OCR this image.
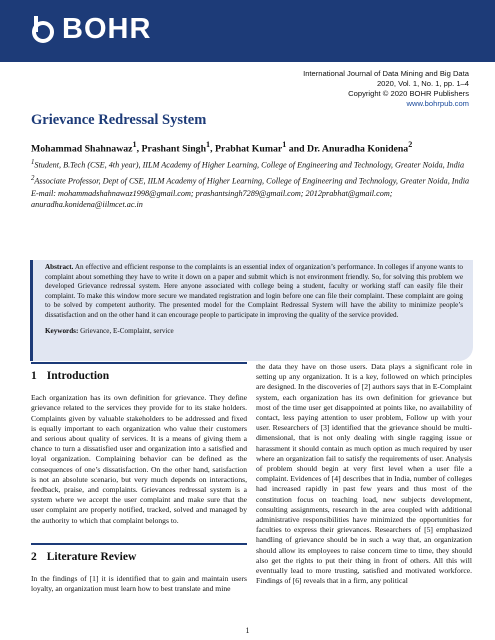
BOHR
International Journal of Data Mining and Big Data
2020, Vol. 1, No. 1, pp. 1–4
Copyright © 2020 BOHR Publishers
www.bohrpub.com
Grievance Redressal System
Mohammad Shahnawaz$^1$, Prashant Singh$^1$, Prabhat Kumar$^1$ and Dr. Anuradha Konidena$^2$

$^1$Student, B.Tech (CSE, 4th year), IILM Academy of Higher Learning, College of Engineering and Technology, Greater Noida, India

$^2$Associate Professor, Dept of CSE, IILM Academy of Higher Learning, College of Engineering and Technology, Greater Noida, India

E-mail: mohammadshahnawaz1998@gmail.com; prashantsingh7289@gmail.com; 2012prabhat@gmail.com; anuradha.konidena@iilmcet.ac.in

Abstract. An effective and efficient response to the complaints is an essential index of organization’s performance. In colleges if anyone wants to complaint about something they have to write it down on a paper and submit which is not environment friendly. So, for solving this problem we developed Grievance redressal system. Here anyone associated with college being a student, faculty or working staff can easily file their complaint. To make this window more secure we mandated registration and login before one can file their complaint. These complaint are going to be solved by competent authority. The presented model for the Complaint Redressal System will have the ability to minimize people’s dissatisfaction and on the other hand it can encourage people to participate in improving the quality of the service provided.
Keywords: Grievance, E-Complaint, service
1 Introduction

Each organization has its own definition for grievance. They define grievance related to the services they provide for to its stake holders. Complaints given by valuable stakeholders to be addressed and fixed is equally important to each organization who value their customers and serious about quality of services. It is a means of giving them a chance to turn a dissatisfied user and organization into a satisfied and loyal organization. Complaining behavior can be defined as the consequences of one’s dissatisfaction. On the other hand, satisfaction is not an absolute scenario, but very much depends on interactions, feedback, praise, and complaints. Grievances redressal system is a system where we accept the user complaint and make sure that the user complaint are properly notified, tracked, solved and managed by the authority to which that complaint belongs to.

2 Literature Review

In the findings of [1] it is identified that to gain and maintain users loyalty, an organization must learn how to best translate and mine

the data they have on those users. Data plays a significant role in setting up any organization. It is a key, followed on which principles are designed. In the discoveries of [2] authors says that in E-Complaint system, each organization has its own definition for grievance but most of the time user get disappointed at points like, no availability of contact, less paying attention to user problem, Follow up with your user. Researchers of [3] identified that the grievance should be multi-dimensional, that is not only dealing with single ragging issue or harassment it should contain as much option as much required by user where an organization fail to satisfy the requirements of user. Analysis of problem should begin at very first level when a user file a complaint. Evidences of [4] describes that in India, number of colleges had increased rapidly in past few years and thus most of the constitution focus on teaching load, new subjects development, consulting assignments, research in the area coupled with additional administrative responsibilities have minimized the opportunities for faculties to express their grievances. Researchers of [5] emphasized handling of grievance should be in such a way that, an organization should allow its employees to raise concern time to time, they should also get the rights to put their thing in front of others. All this will eventually lead to more trusting, satisfied and motivated workforce. Findings of [6] reveals that in a firm, any political

1
